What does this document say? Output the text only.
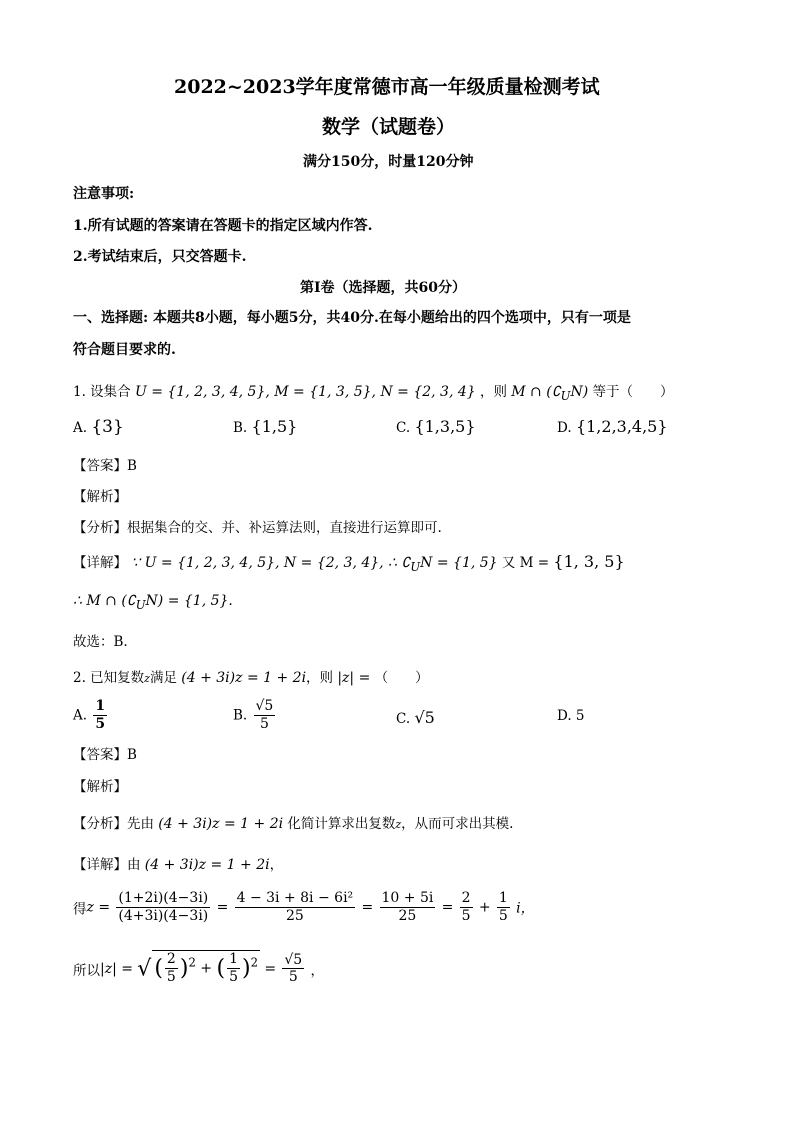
2022~2023学年度常德市高一年级质量检测考试
数学（试题卷）
满分150分，时量120分钟
注意事项:
1.所有试题的答案请在答题卡的指定区域内作答.
2.考试结束后，只交答题卡.
第Ⅰ卷（选择题，共60分）
一、选择题: 本题共8小题，每小题5分，共40分.在每小题给出的四个选项中，只有一项是
符合题目要求的.
1. 设集合 U = {1, 2, 3, 4, 5}, M = {1, 3, 5}, N = {2, 3, 4} ，则 M ∩ $(∁_UN)$ 等于（　　）
A. {3}	B. {1,5}	C. {1,3,5}	D. {1,2,3,4,5}
【答案】B
【解析】
【分析】根据集合的交、并、补运算法则，直接进行运算即可.
【详解】 ∵ U = {1, 2, 3, 4, 5}, N = {2, 3, 4}, ∴ $∁_UN = \{1$, 5} 又 M = {1, 3, 5}
∴ M ∩ $(∁_UN) = \{1$, 5}.
故选：B.
2. 已知复数z满足 (4 + 3i)z = 1 + 2i，则 |z| = （　　）
A. $\frac{1}{5}$	B. $\frac{√5}{5}$	C. √5	D. 5
【答案】B
【解析】
【分析】先由 (4 + 3i)z = 1 + 2i 化简计算求出复数z，从而可求出其模.
【详解】由 (4 + 3i)z = 1 + 2i，
得$z = \frac{(1+2i)(4-3i)}{(4+3i)(4-3i)} = \frac{\text{4 − 3i + 8i − 6i²}}{25} = \frac{10 + 5i}{25} = \frac{2}{5} + \frac{1}{5}$ i，
所以|z| = √ ( $\frac{2}{5} )^2$ + ( $\frac{1}{5} )^2 = \frac{√5}{5}$ ，
